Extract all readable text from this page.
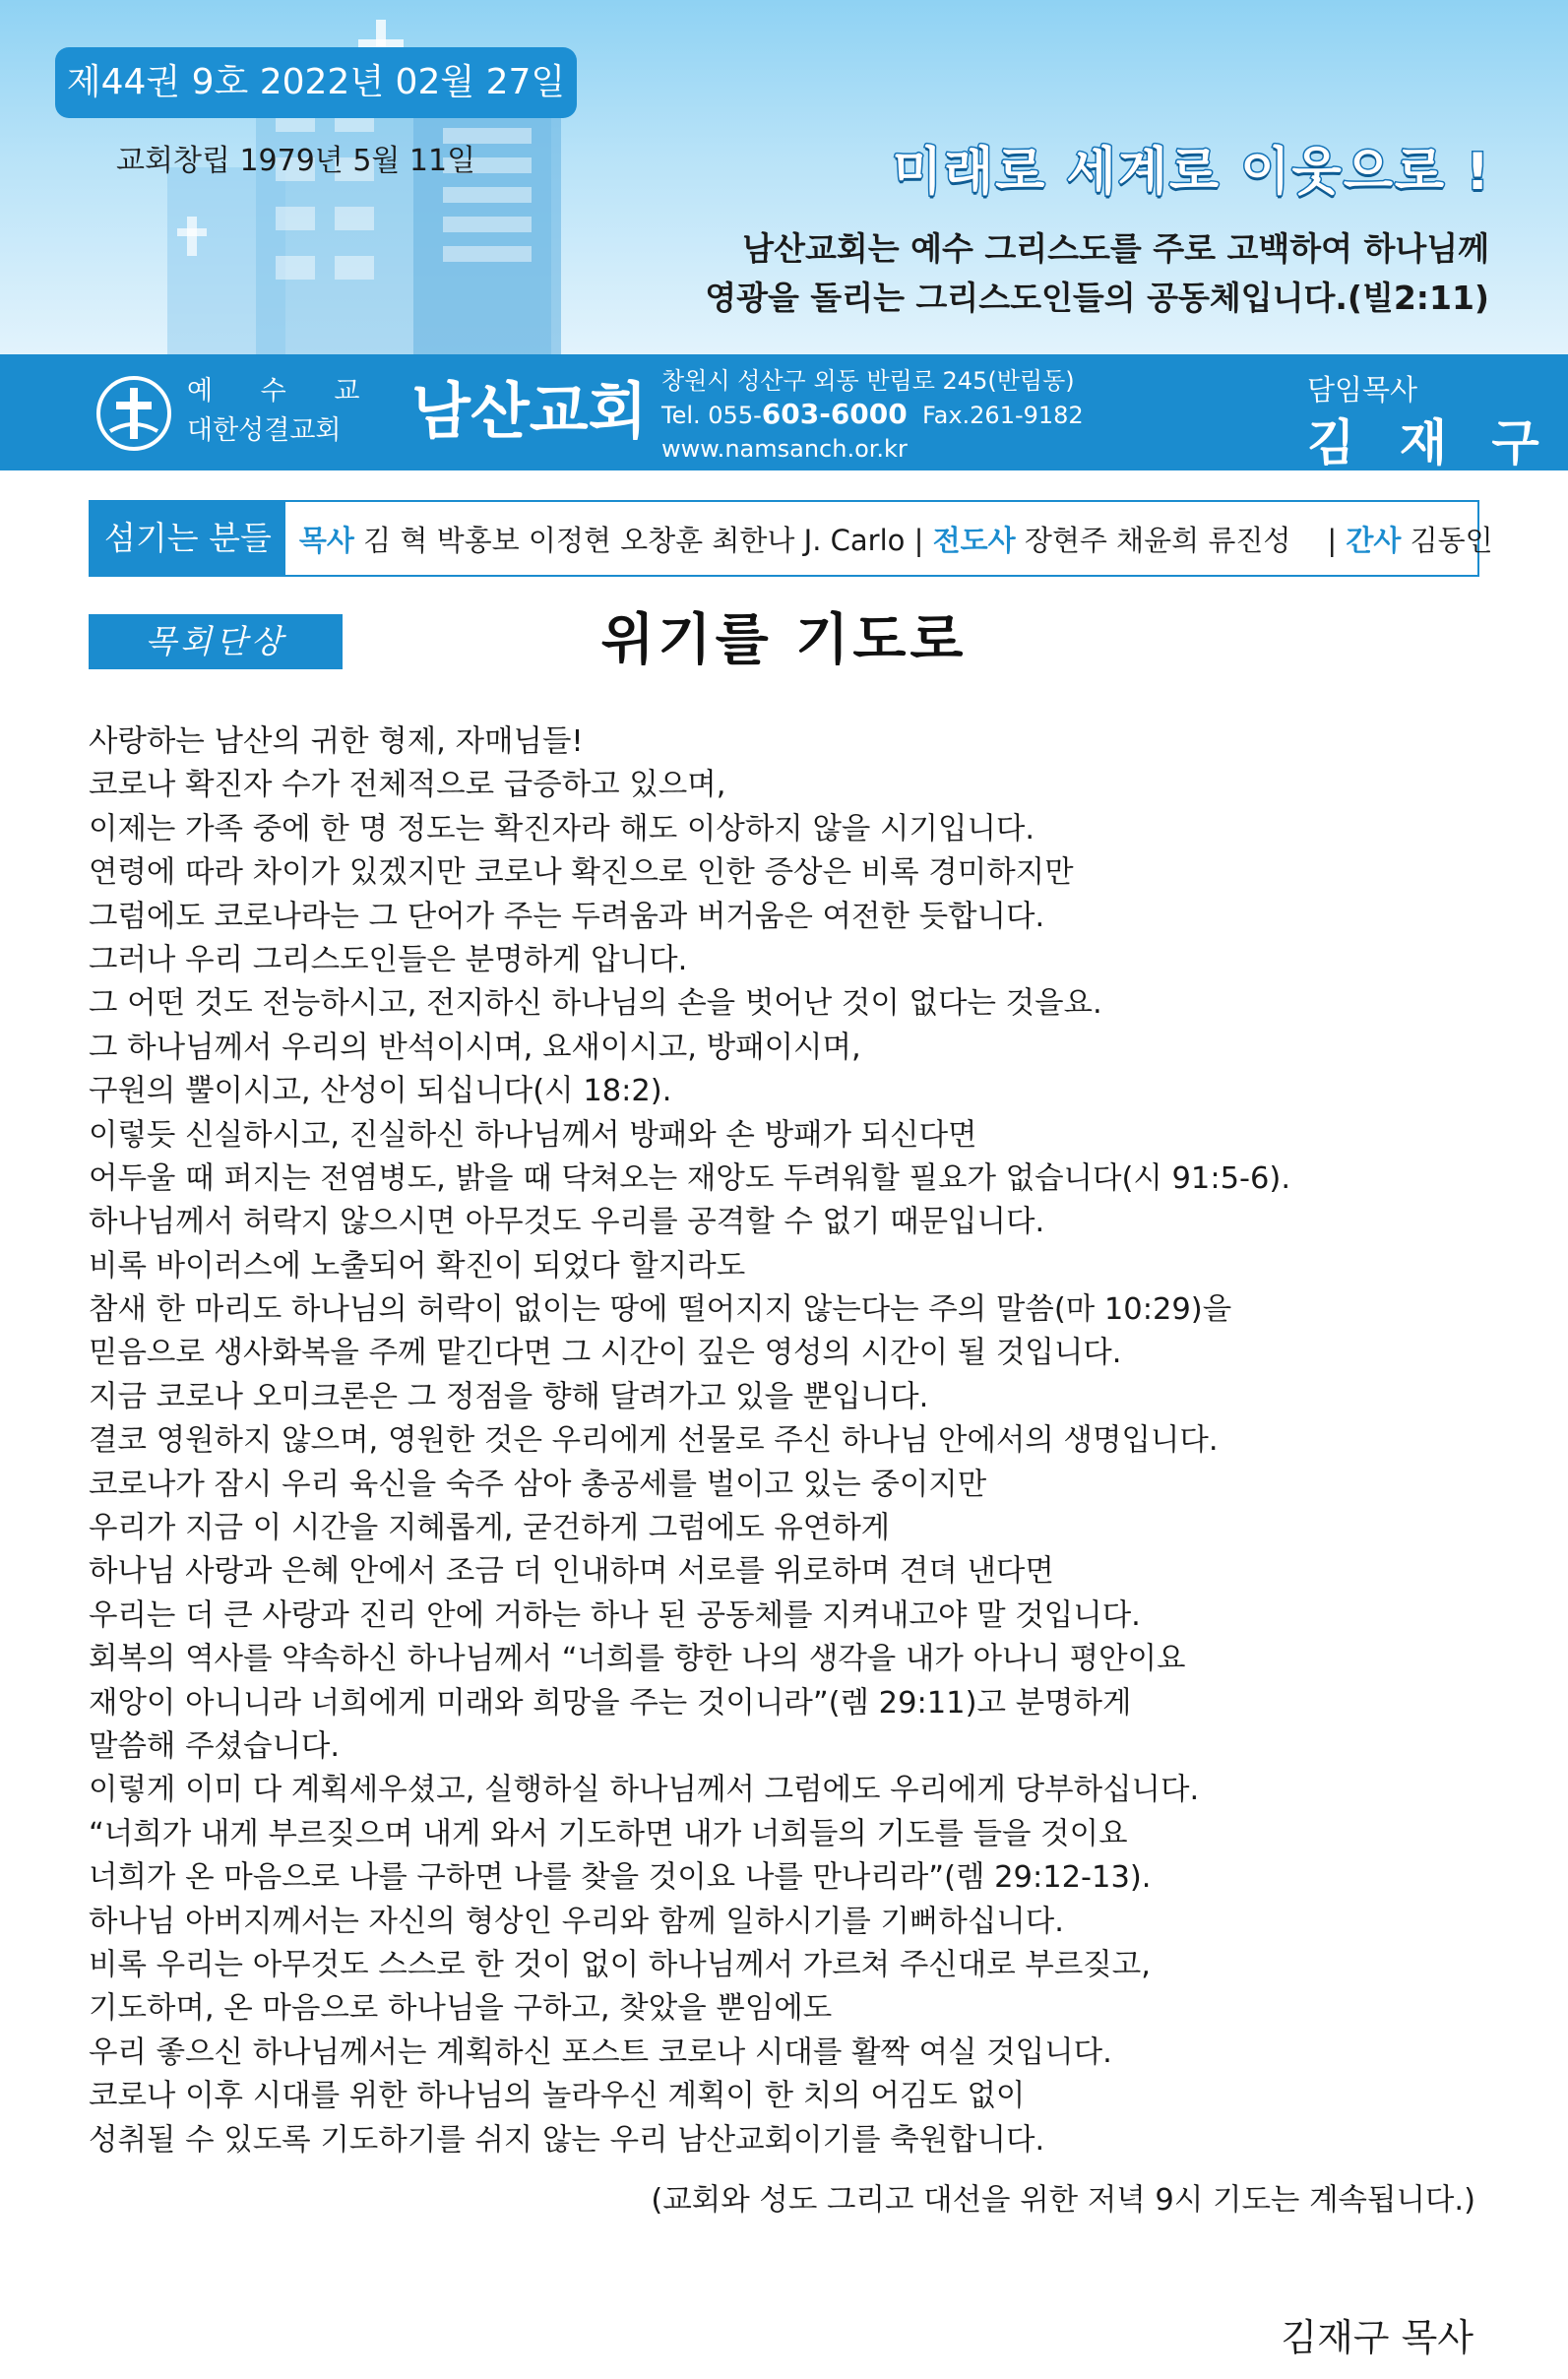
제44권 9호 2022년 02월 27일
교회창립 1979년 5월 11일	미래로 세계로 이웃으로 !
남산교회는 예수 그리스도를 주로 고백하여 하나님께
영광을 돌리는 그리스도인들의 공동체입니다.(빌2:11)
예 수 교
대한성결교회	남산교회 창원시 성산구 외동 반림로 245(반림동)
Tel. 055-603-6000 Fax.261-9182
www.namsanch.or.kr
담임목사
김 재 구
섬기는 분들 목사 김 혁 박홍보 이정현 오창훈 최한나 J. Carlo | 전도사 장현주 채윤희 류진성    | 간사 김동인
위기를 기도로
목회단상
사랑하는 남산의 귀한 형제, 자매님들!
코로나 확진자 수가 전체적으로 급증하고 있으며,
이제는 가족 중에 한 명 정도는 확진자라 해도 이상하지 않을 시기입니다.
연령에 따라 차이가 있겠지만 코로나 확진으로 인한 증상은 비록 경미하지만
그럼에도 코로나라는 그 단어가 주는 두려움과 버거움은 여전한 듯합니다.
그러나 우리 그리스도인들은 분명하게 압니다.
그 어떤 것도 전능하시고, 전지하신 하나님의 손을 벗어난 것이 없다는 것을요.
그 하나님께서 우리의 반석이시며, 요새이시고, 방패이시며,
구원의 뿔이시고, 산성이 되십니다(시 18:2).
이렇듯 신실하시고, 진실하신 하나님께서 방패와 손 방패가 되신다면
어두울 때 퍼지는 전염병도, 밝을 때 닥쳐오는 재앙도 두려워할 필요가 없습니다(시 91:5-6).
하나님께서 허락지 않으시면 아무것도 우리를 공격할 수 없기 때문입니다.
비록 바이러스에 노출되어 확진이 되었다 할지라도
참새 한 마리도 하나님의 허락이 없이는 땅에 떨어지지 않는다는 주의 말씀(마 10:29)을
믿음으로 생사화복을 주께 맡긴다면 그 시간이 깊은 영성의 시간이 될 것입니다.
지금 코로나 오미크론은 그 정점을 향해 달려가고 있을 뿐입니다.
결코 영원하지 않으며, 영원한 것은 우리에게 선물로 주신 하나님 안에서의 생명입니다.
코로나가 잠시 우리 육신을 숙주 삼아 총공세를 벌이고 있는 중이지만
우리가 지금 이 시간을 지혜롭게, 굳건하게 그럼에도 유연하게
하나님 사랑과 은혜 안에서 조금 더 인내하며 서로를 위로하며 견뎌 낸다면
우리는 더 큰 사랑과 진리 안에 거하는 하나 된 공동체를 지켜내고야 말 것입니다.
회복의 역사를 약속하신 하나님께서 “너희를 향한 나의 생각을 내가 아나니 평안이요
재앙이 아니니라 너희에게 미래와 희망을 주는 것이니라”(렘 29:11)고 분명하게
말씀해 주셨습니다.
이렇게 이미 다 계획세우셨고, 실행하실 하나님께서 그럼에도 우리에게 당부하십니다.
“너희가 내게 부르짖으며 내게 와서 기도하면 내가 너희들의 기도를 들을 것이요
너희가 온 마음으로 나를 구하면 나를 찾을 것이요 나를 만나리라”(렘 29:12-13).
하나님 아버지께서는 자신의 형상인 우리와 함께 일하시기를 기뻐하십니다.
비록 우리는 아무것도 스스로 한 것이 없이 하나님께서 가르쳐 주신대로 부르짖고,
기도하며, 온 마음으로 하나님을 구하고, 찾았을 뿐임에도
우리 좋으신 하나님께서는 계획하신 포스트 코로나 시대를 활짝 여실 것입니다.
코로나 이후 시대를 위한 하나님의 놀라우신 계획이 한 치의 어김도 없이
성취될 수 있도록 기도하기를 쉬지 않는 우리 남산교회이기를 축원합니다.
(교회와 성도 그리고 대선을 위한 저녁 9시 기도는 계속됩니다.)
김재구 목사
